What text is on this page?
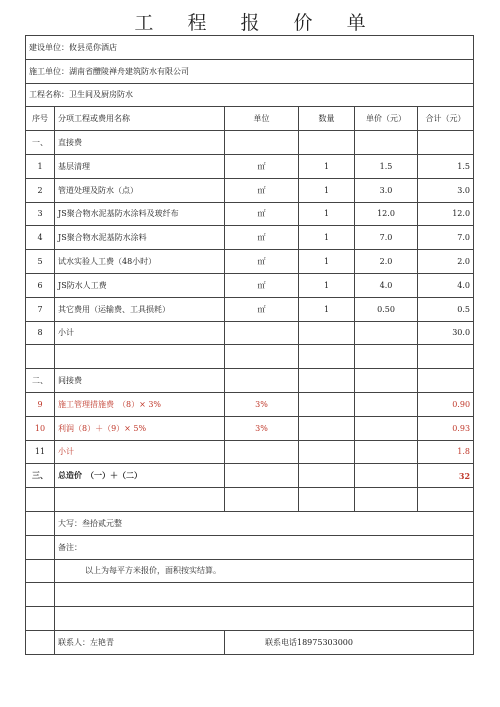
工 程 报 价 单
建设单位：攸县觅你酒店					
施工单位：湖南省醴陵禅舟建筑防水有限公司					
工程名称：卫生间及厨房防水					
序号	分项工程或费用名称	单位	数量	单价（元）	合计（元）
一、	直接费				
1	基层清理	㎡	1	1.5	1.5
2	管道处理及防水（点）	㎡	1	3.0	3.0
3	JS聚合物水泥基防水涂料及玻纤布	㎡	1	12.0	12.0
4	JS聚合物水泥基防水涂料	㎡	1	7.0	7.0
5	试水实验人工费（48小时）	㎡	1	2.0	2.0
6	JS防水人工费	㎡	1	4.0	4.0
7	其它费用（运输费、工具损耗）	㎡	1	0.50	0.5
8	小计				30.0

二、	间接费				
9	施工管理措施费　（8）× 3%	3%			0.90
10	利润（8）＋（9）× 5%	3%			0.93
11	小计				1.8
三、	总造价　（一）＋（二）				32

	大写：叁拾贰元整				
	备注：				
	以上为每平方米报价，面积按实结算。				

	联系人：左艳青	联系电话18975303000			
